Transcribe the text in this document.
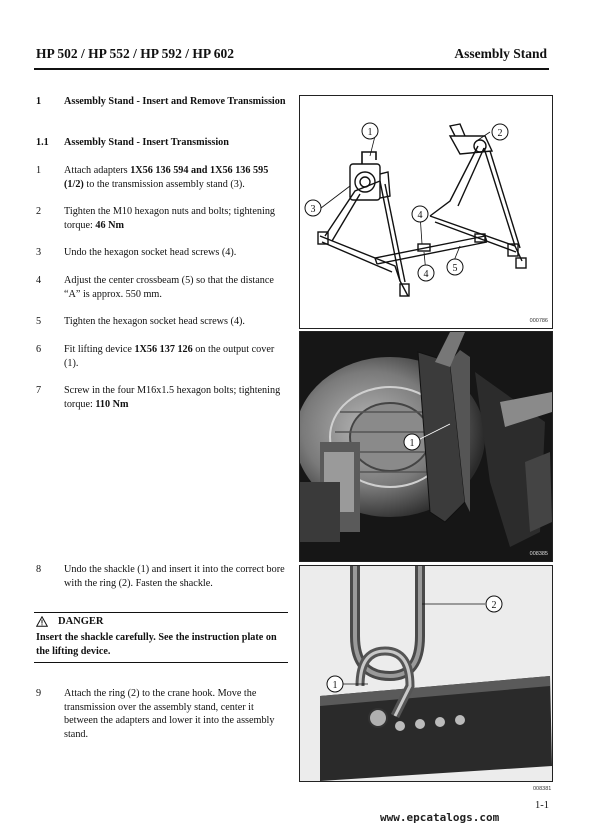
HP 502 / HP 552 / HP 592 / HP 602	Assembly Stand
1 Assembly Stand - Insert and Remove Transmission
1.1 Assembly Stand - Insert Transmission
1 Attach adapters 1X56 136 594 and 1X56 136 595 (1/2) to the transmission assembly stand (3).
2 Tighten the M10 hexagon nuts and bolts; tightening torque: 46 Nm
3 Undo the hexagon socket head screws (4).
4 Adjust the center crossbeam (5) so that the distance “A” is approx. 550 mm.
5 Tighten the hexagon socket head screws (4).
6 Fit lifting device 1X56 137 126 on the output cover (1).
7 Screw in the four M16x1.5 hexagon bolts; tightening torque: 110 Nm
8 Undo the shackle (1) and insert it into the correct bore with the ring (2). Fasten the shackle.
DANGER
Insert the shackle carefully. See the instruction plate on the lifting device.
9 Attach the ring (2) to the crane hook. Move the transmission over the assembly stand, center it between the adapters and lower it into the assembly stand.
1	2
3
4
4
5
000786
1
008385
2
1
008381
1-1
www.epcatalogs.com
